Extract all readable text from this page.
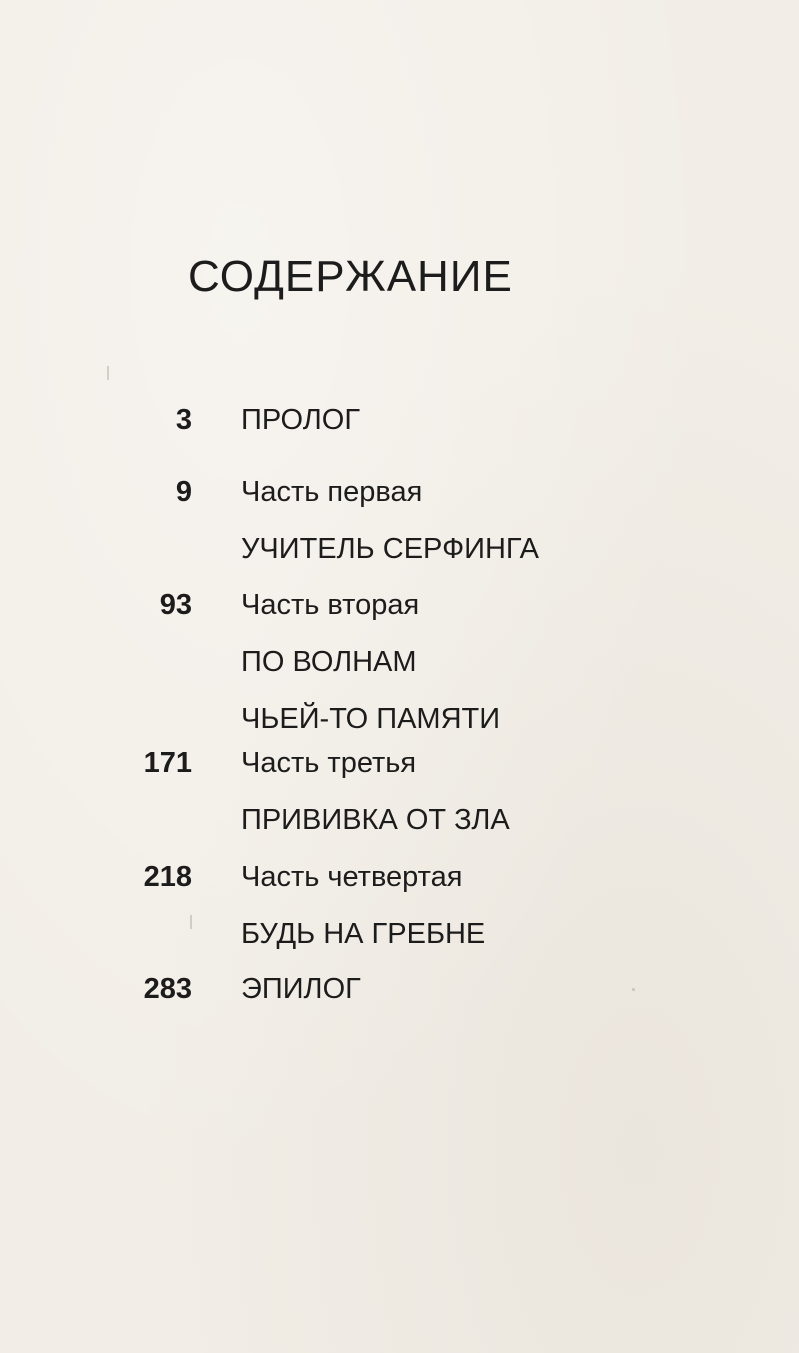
СОДЕРЖАНИЕ
3 ПРОЛОГ
9 Часть первая
УЧИТЕЛЬ СЕРФИНГА
93 Часть вторая
ПО ВОЛНАМ
ЧЬЕЙ-ТО ПАМЯТИ
171 Часть третья
ПРИВИВКА ОТ ЗЛА
218 Часть четвертая
БУДЬ НА ГРЕБНЕ
283 ЭПИЛОГ
